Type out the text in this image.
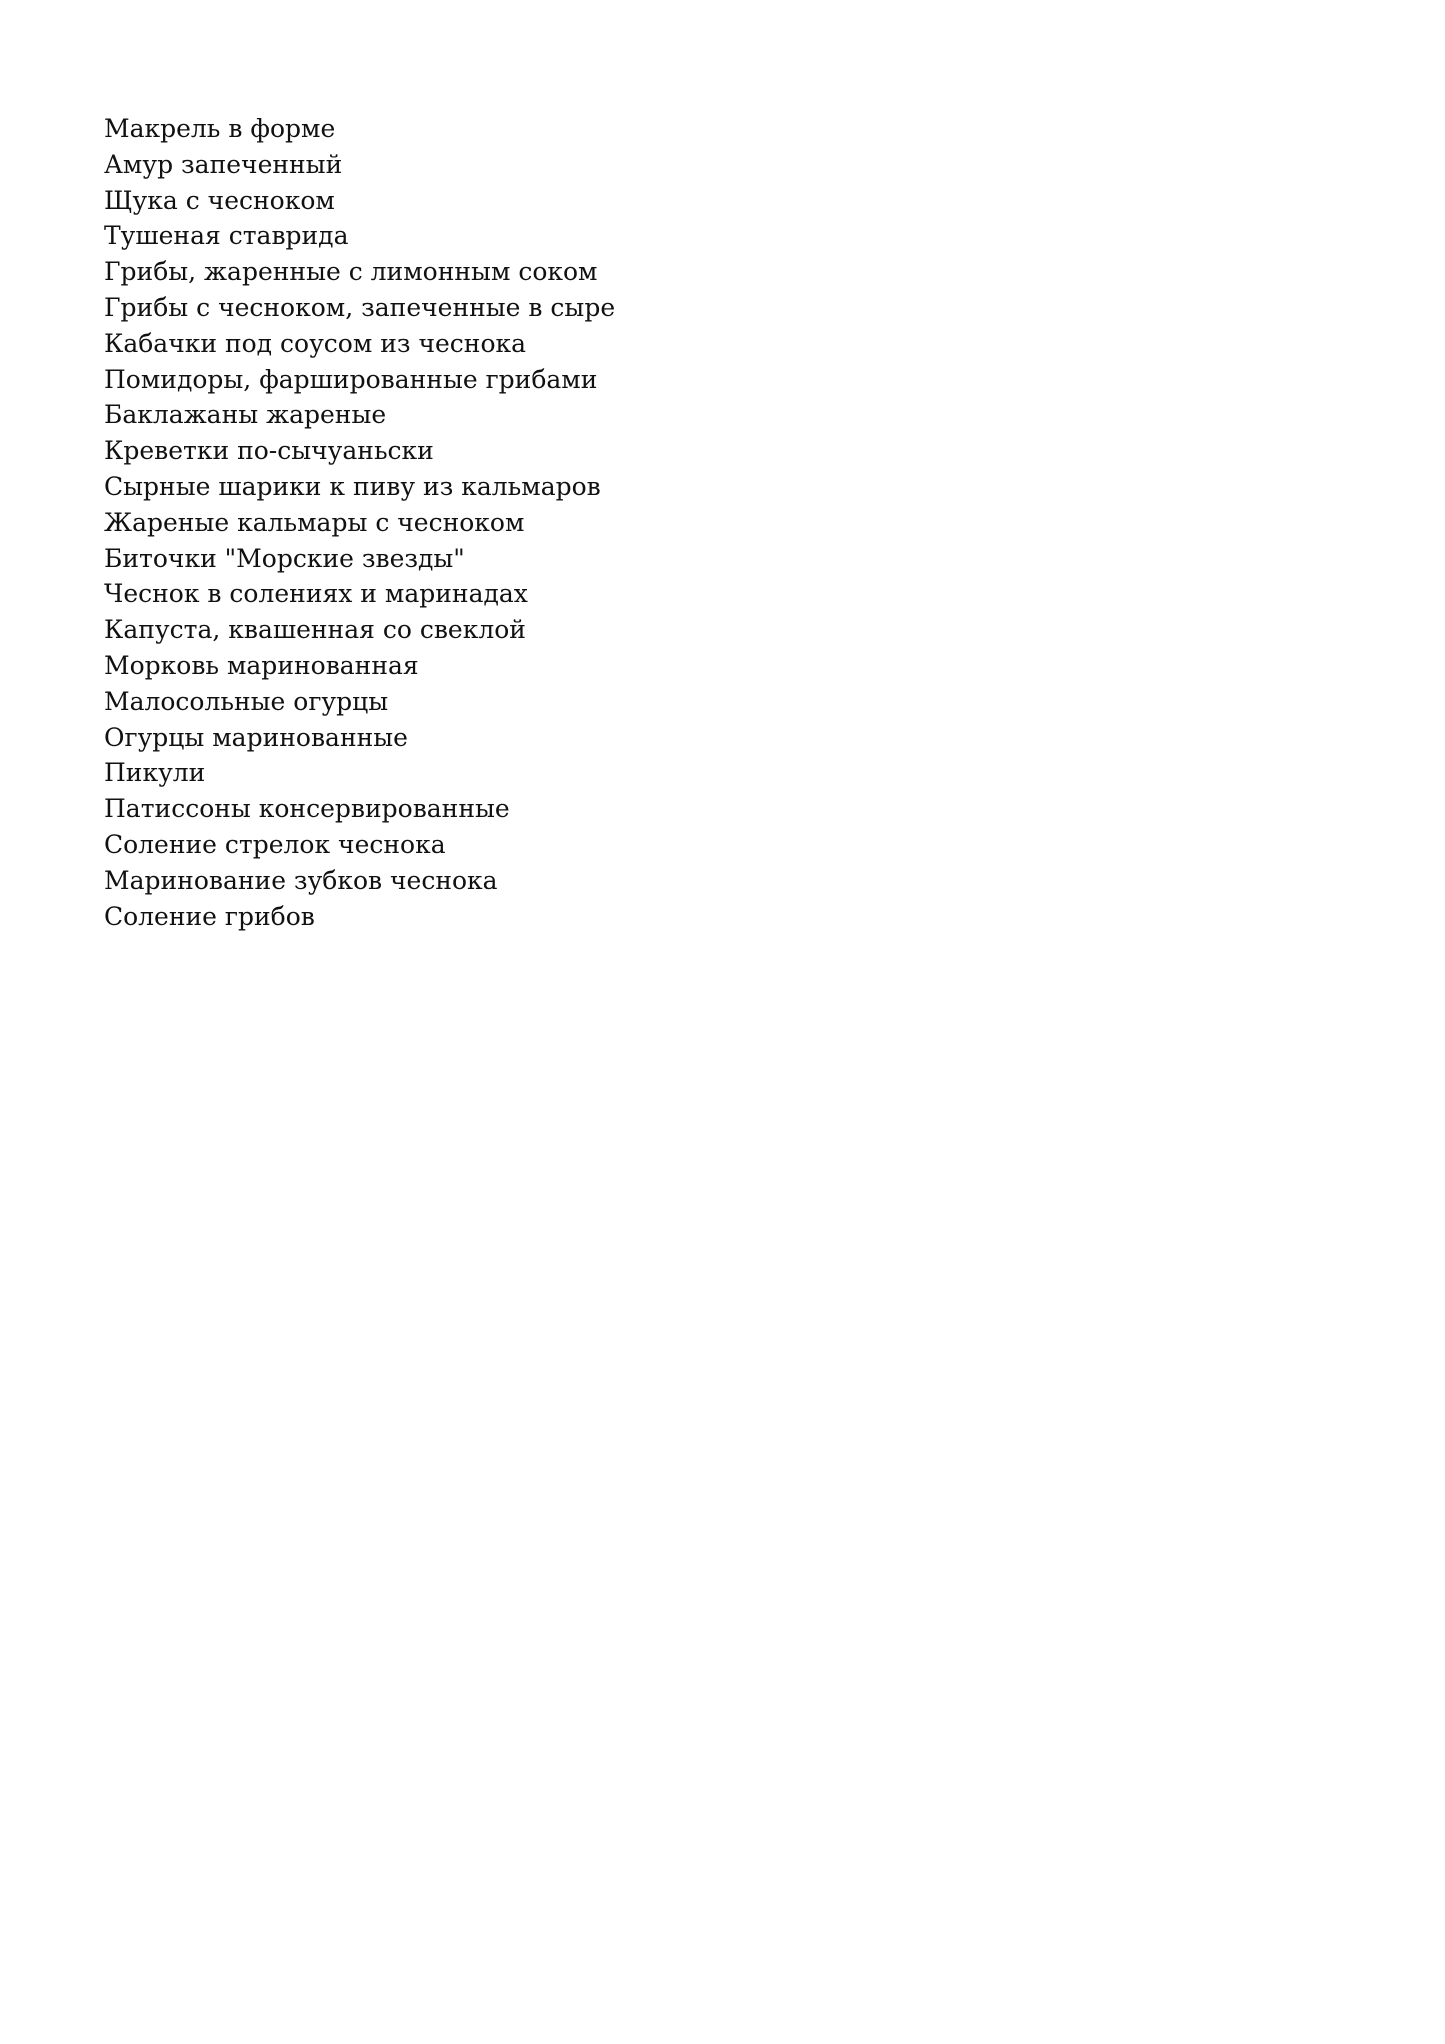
Макрель в форме
Амур запеченный
Щука с чесноком
Тушеная ставрида
Грибы, жаренные с лимонным соком
Грибы с чесноком, запеченные в сыре
Кабачки под соусом из чеснока
Помидоры, фаршированные грибами
Баклажаны жареные
Креветки по-сычуаньски
Сырные шарики к пиву из кальмаров
Жареные кальмары с чесноком
Биточки "Морские звезды"
Чеснок в солениях и маринадах
Капуста, квашенная со свеклой
Морковь маринованная
Малосольные огурцы
Огурцы маринованные
Пикули
Патиссоны консервированные
Соление стрелок чеснока
Маринование зубков чеснока
Соление грибов
